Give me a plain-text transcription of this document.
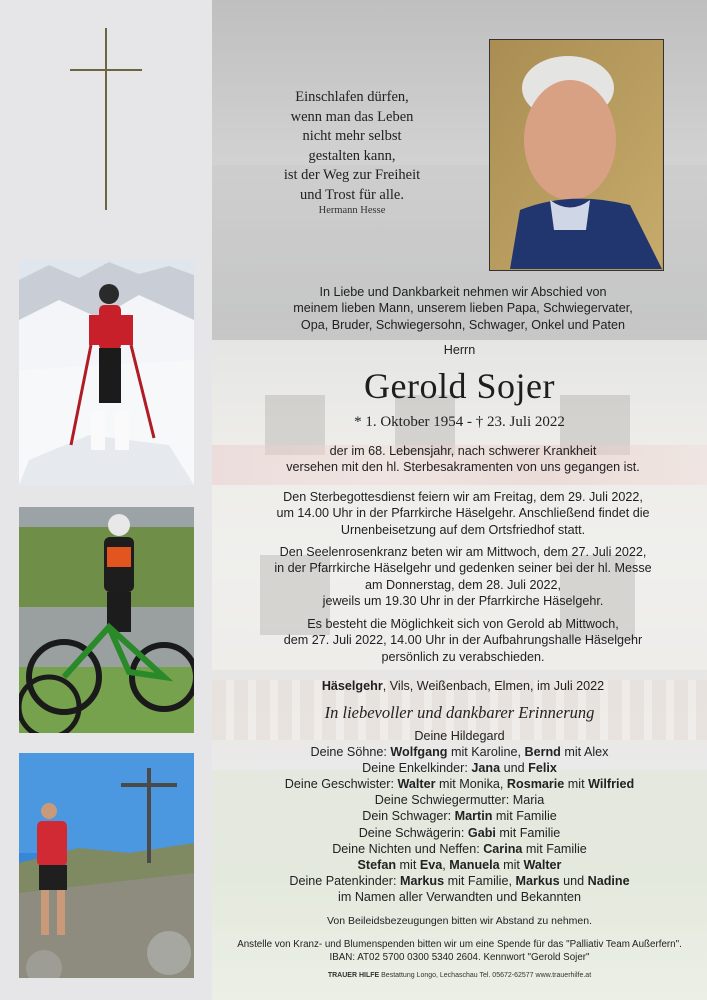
Einschlafen dürfen,
wenn man das Leben
nicht mehr selbst
gestalten kann,
ist der Weg zur Freiheit
und Trost für alle.
Hermann Hesse
In Liebe und Dankbarkeit nehmen wir Abschied von
meinem lieben Mann, unserem lieben Papa, Schwiegervater,
Opa, Bruder, Schwiegersohn, Schwager, Onkel und Paten
Herrn
Gerold Sojer
* 1. Oktober 1954 - † 23. Juli 2022
der im 68. Lebensjahr, nach schwerer Krankheit
versehen mit den hl. Sterbesakramenten von uns gegangen ist.
Den Sterbegottesdienst feiern wir am Freitag, dem 29. Juli 2022,
um 14.00 Uhr in der Pfarrkirche Häselgehr. Anschließend findet die
Urnenbeisetzung auf dem Ortsfriedhof statt.
Den Seelenrosenkranz beten wir am Mittwoch, dem 27. Juli 2022,
in der Pfarrkirche Häselgehr und gedenken seiner bei der hl. Messe
am Donnerstag, dem 28. Juli 2022,
jeweils um 19.30 Uhr in der Pfarrkirche Häselgehr.
Es besteht die Möglichkeit sich von Gerold ab Mittwoch,
dem 27. Juli 2022, 14.00 Uhr in der Aufbahrungshalle Häselgehr
persönlich zu verabschieden.
Häselgehr, Vils, Weißenbach, Elmen, im Juli 2022
In liebevoller und dankbarer Erinnerung
Deine Hildegard
Deine Söhne: Wolfgang mit Karoline, Bernd mit Alex
Deine Enkelkinder: Jana und Felix
Deine Geschwister: Walter mit Monika, Rosmarie mit Wilfried
Deine Schwiegermutter: Maria
Dein Schwager: Martin mit Familie
Deine Schwägerin: Gabi mit Familie
Deine Nichten und Neffen: Carina mit Familie
Stefan mit Eva, Manuela mit Walter
Deine Patenkinder: Markus mit Familie, Markus und Nadine
im Namen aller Verwandten und Bekannten
Von Beileidsbezeugungen bitten wir Abstand zu nehmen.
Anstelle von Kranz- und Blumenspenden bitten wir um eine Spende für das "Palliativ Team Außerfern".
IBAN: AT02 5700 0300 5340 2604. Kennwort "Gerold Sojer"
TRAUER HILFE Bestattung Longo, Lechaschau Tel. 05672-62577 www.trauerhilfe.at
